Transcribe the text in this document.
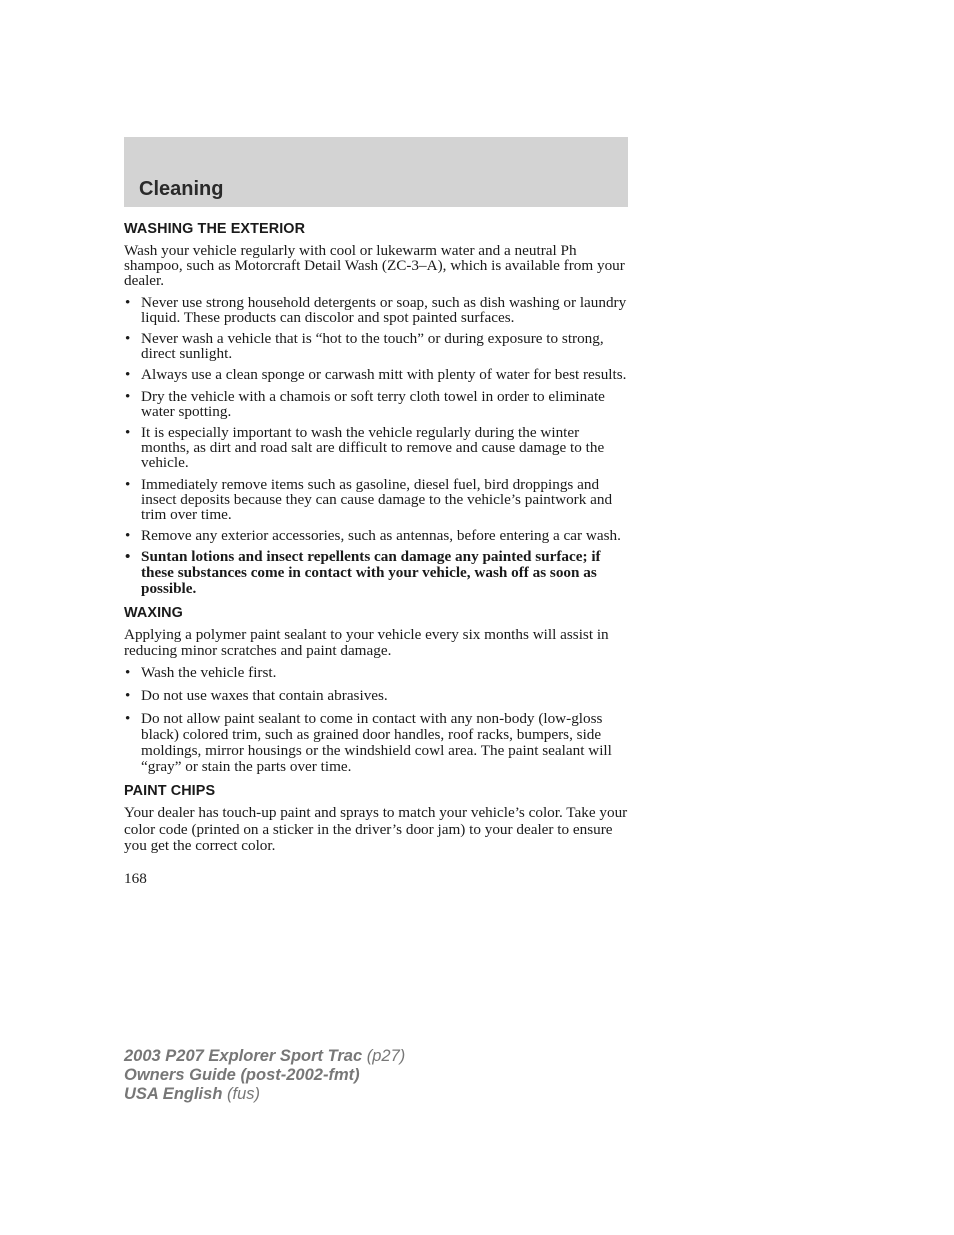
Cleaning
WASHING THE EXTERIOR

Wash your vehicle regularly with cool or lukewarm water and a neutral Ph shampoo, such as Motorcraft Detail Wash (ZC-3–A), which is available from your dealer.

• Never use strong household detergents or soap, such as dish washing or laundry liquid. These products can discolor and spot painted surfaces.
• Never wash a vehicle that is “hot to the touch” or during exposure to strong, direct sunlight.
• Always use a clean sponge or carwash mitt with plenty of water for best results.
• Dry the vehicle with a chamois or soft terry cloth towel in order to eliminate water spotting.
• It is especially important to wash the vehicle regularly during the winter months, as dirt and road salt are difficult to remove and cause damage to the vehicle.
• Immediately remove items such as gasoline, diesel fuel, bird droppings and insect deposits because they can cause damage to the vehicle’s paintwork and trim over time.
• Remove any exterior accessories, such as antennas, before entering a car wash.
• Suntan lotions and insect repellents can damage any painted surface; if these substances come in contact with your vehicle, wash off as soon as possible.
WAXING

Applying a polymer paint sealant to your vehicle every six months will assist in reducing minor scratches and paint damage.

• Wash the vehicle first.
• Do not use waxes that contain abrasives.
• Do not allow paint sealant to come in contact with any non-body (low-gloss black) colored trim, such as grained door handles, roof racks, bumpers, side moldings, mirror housings or the windshield cowl area. The paint sealant will “gray” or stain the parts over time.
PAINT CHIPS

Your dealer has touch-up paint and sprays to match your vehicle’s color. Take your color code (printed on a sticker in the driver’s door jam) to your dealer to ensure you get the correct color.

168
2003 P207 Explorer Sport Trac (p27)
Owners Guide (post-2002-fmt)
USA English (fus)
